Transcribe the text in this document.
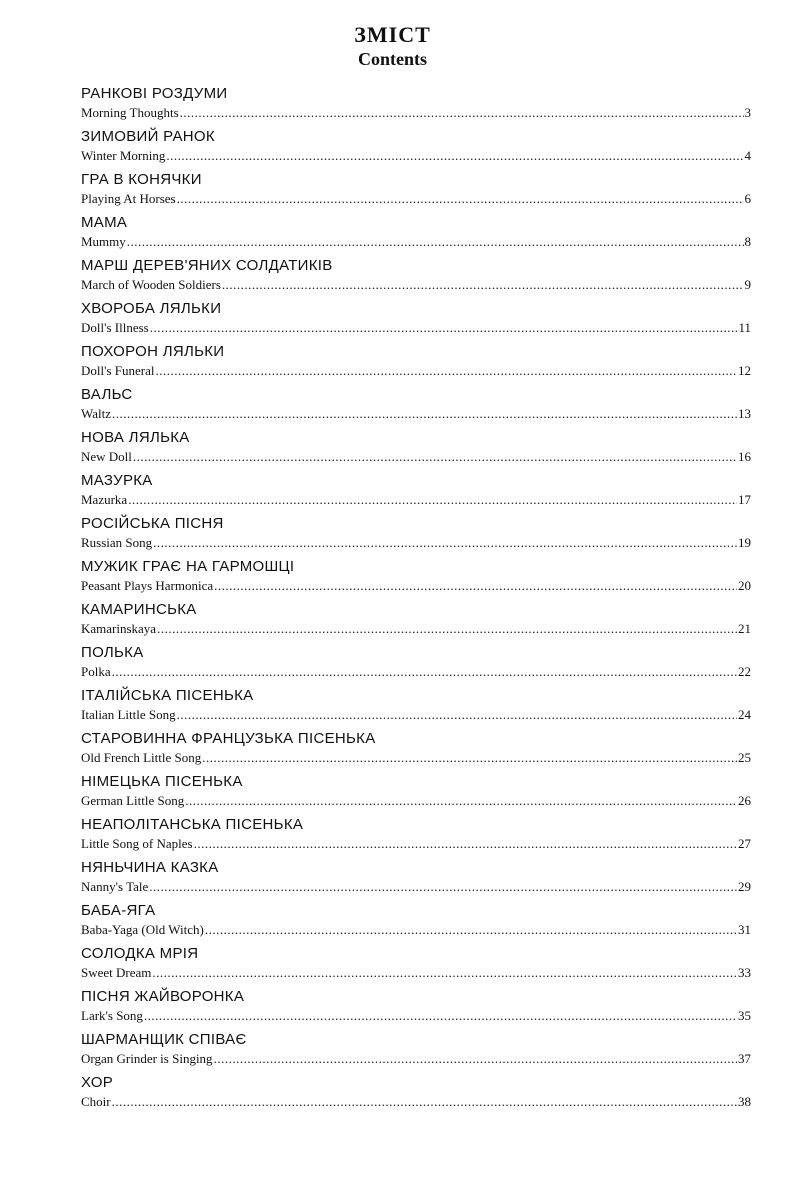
ЗМІСТ
Contents
РАНКОВІ РОЗДУМИ
Morning Thoughts .....	3
ЗИМОВИЙ РАНОК
Winter Morning .....	4
ГРА В КОНЯЧКИ
Playing At Horses .....	6
МАМА
Mummy .....	8
МАРШ ДЕРЕВ'ЯНИХ СОЛДАТИКІВ
March of Wooden Soldiers .....	9
ХВОРОБА ЛЯЛЬКИ
Doll's Illness .....	11
ПОХОРОН ЛЯЛЬКИ
Doll's Funeral .....	12
ВАЛЬС
Waltz .....	13
НОВА ЛЯЛЬКА
New Doll .....	16
МАЗУРКА
Mazurka .....	17
РОСІЙСЬКА ПІСНЯ
Russian Song .....	19
МУЖИК ГРАЄ НА ГАРМОШЦІ
Peasant Plays Harmonica .....	20
КАМАРИНСЬКА
Kamarinskaya .....	21
ПОЛЬКА
Polka .....	22
ІТАЛІЙСЬКА ПІСЕНЬКА
Italian Little Song .....	24
СТАРОВИННА ФРАНЦУЗЬКА ПІСЕНЬКА
Old French Little Song .....	25
НІМЕЦЬКА ПІСЕНЬКА
German Little Song .....	26
НЕАПОЛІТАНСЬКА ПІСЕНЬКА
Little Song of Naples .....	27
НЯНЬЧИНА КАЗКА
Nanny's Tale .....	29
БАБА-ЯГА
Baba-Yaga (Old Witch) .....	31
СОЛОДКА МРІЯ
Sweet Dream .....	33
ПІСНЯ ЖАЙВОРОНКА
Lark's Song .....	35
ШАРМАНЩИК СПІВАЄ
Organ Grinder is Singing .....	37
ХОР
Choir .....	38
